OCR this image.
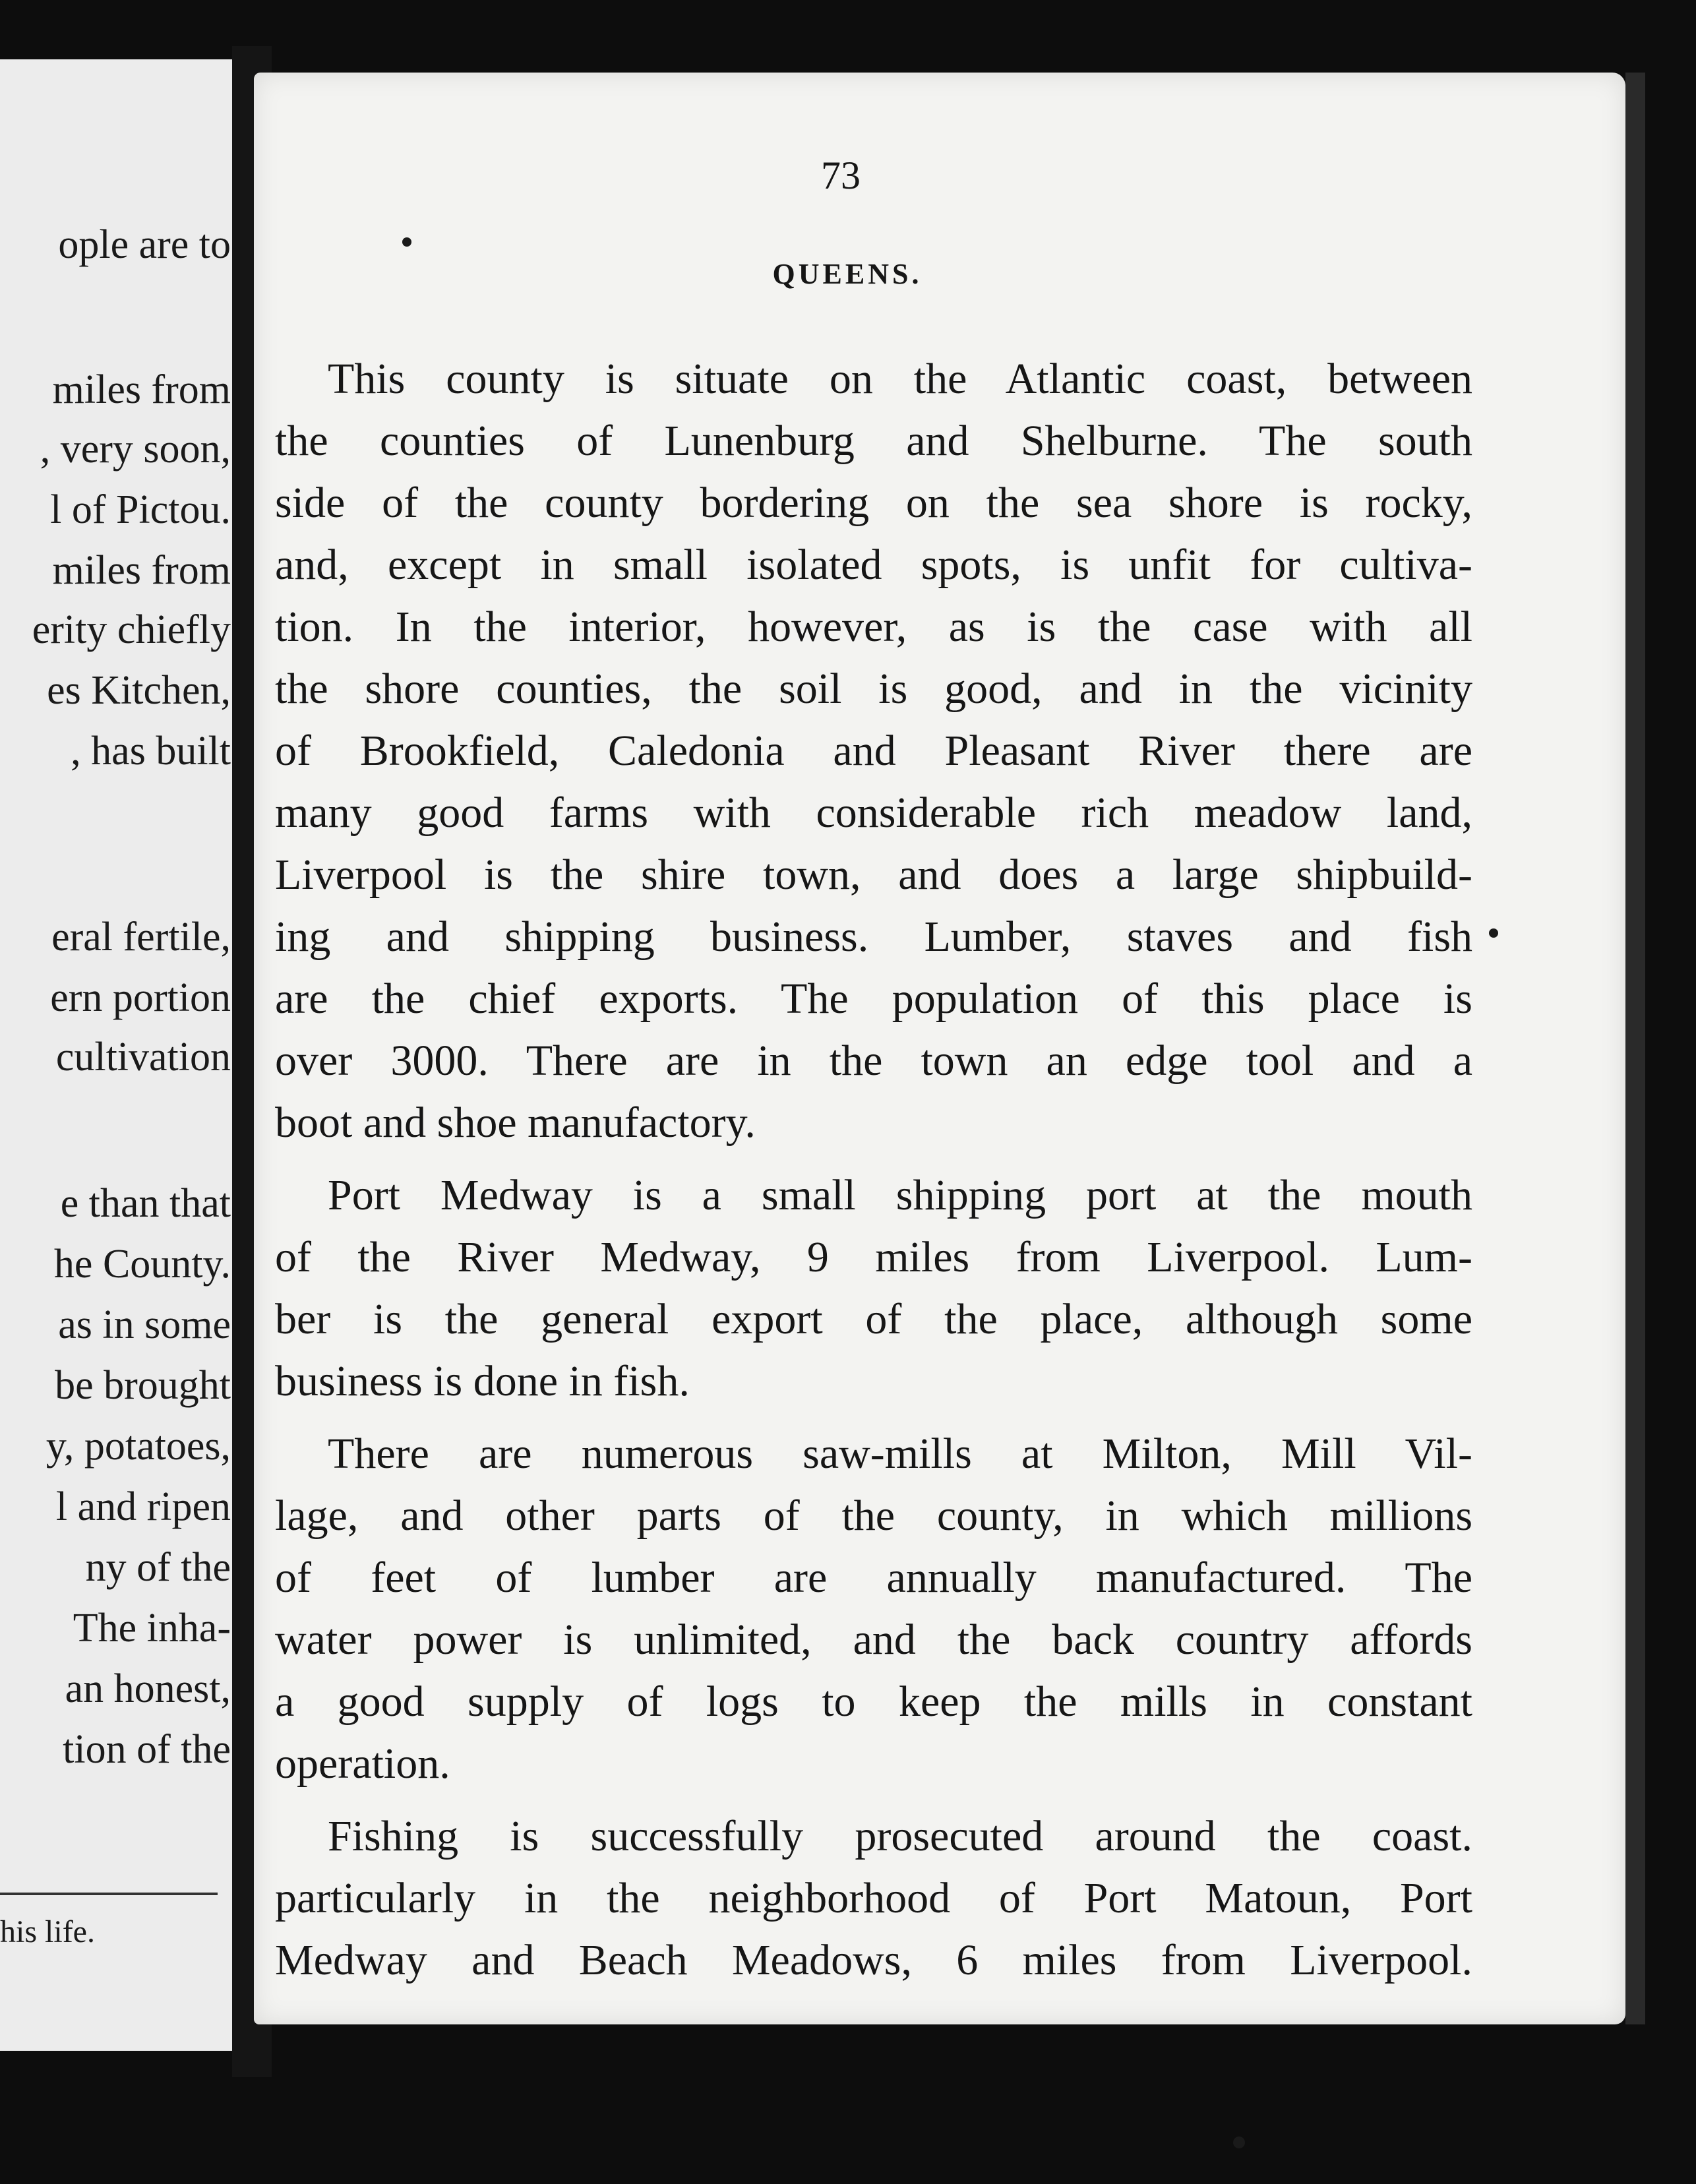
ople are to
miles from
, very soon,
l of Pictou.
miles from
erity chiefly
es Kitchen,
, has built
eral fertile,
ern portion
cultivation
e than that
he County.
as in some
be brought
y, potatoes,
l and ripen
ny of the
The inha-
an honest,
tion of the
his life.
73
QUEENS.
This county is situate on the Atlantic coast, between
the counties of Lunenburg and Shelburne. The south
side of the county bordering on the sea shore is rocky,
and, except in small isolated spots, is unfit for cultiva-
tion. In the interior, however, as is the case with all
the shore counties, the soil is good, and in the vicinity
of Brookfield, Caledonia and Pleasant River there are
many good farms with considerable rich meadow land,
Liverpool is the shire town, and does a large shipbuild-
ing and shipping business. Lumber, staves and fish
are the chief exports. The population of this place is
over 3000. There are in the town an edge tool and a
boot and shoe manufactory.
Port Medway is a small shipping port at the mouth
of the River Medway, 9 miles from Liverpool. Lum-
ber is the general export of the place, although some
business is done in fish.
There are numerous saw-mills at Milton, Mill Vil-
lage, and other parts of the county, in which millions
of feet of lumber are annually manufactured. The
water power is unlimited, and the back country affords
a good supply of logs to keep the mills in constant
operation.
Fishing is successfully prosecuted around the coast.
particularly in the neighborhood of Port Matoun, Port
Medway and Beach Meadows, 6 miles from Liverpool.
